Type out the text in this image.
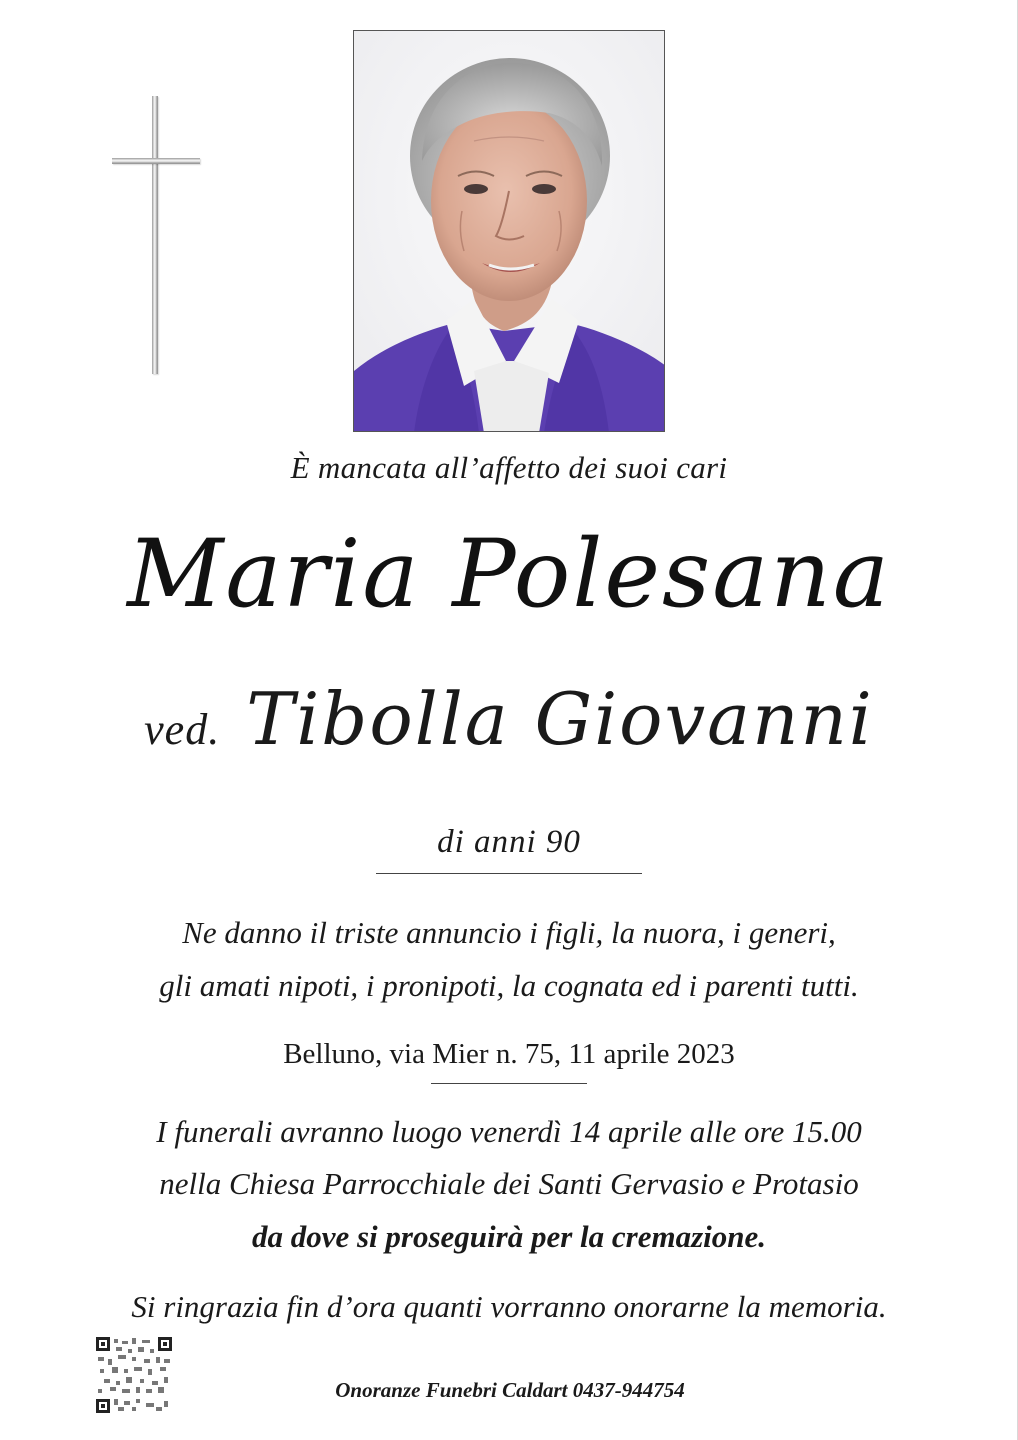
È mancata all’affetto dei suoi cari
Maria Polesana
ved. Tibolla Giovanni
di anni 90
Ne danno il triste annuncio i figli, la nuora, i generi,
gli amati nipoti, i pronipoti, la cognata ed i parenti tutti.
Belluno, via Mier n. 75, 11 aprile 2023
I funerali avranno luogo venerdì 14 aprile alle ore 15.00
nella Chiesa Parrocchiale dei Santi Gervasio e Protasio
da dove si proseguirà per la cremazione.
Si ringrazia fin d’ora quanti vorranno onorarne la memoria.
Onoranze Funebri Caldart 0437-944754
